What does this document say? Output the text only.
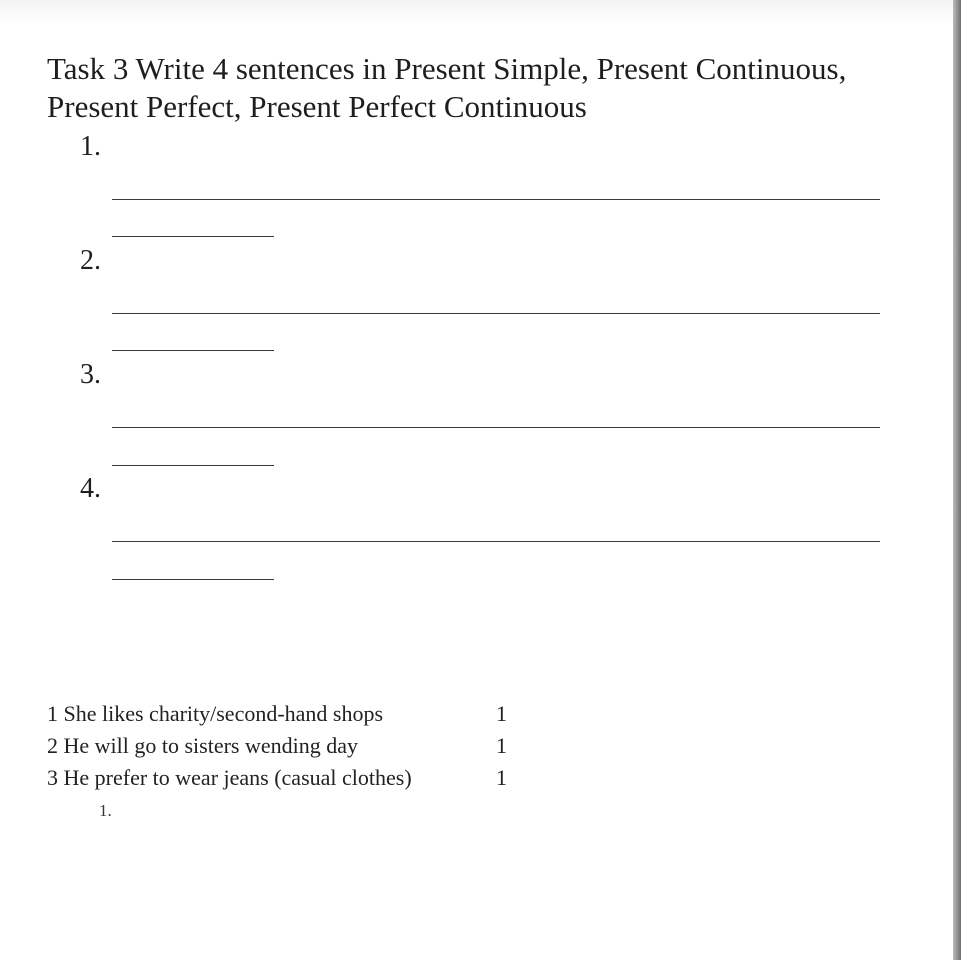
Task 3 Write 4 sentences in Present Simple, Present Continuous, Present Perfect, Present Perfect Continuous
1.
2.
3.
4.
1 She likes charity/second-hand shops	1
2 He will go to sisters wending day	1
3 He prefer to wear jeans (casual clothes)	1
1.
